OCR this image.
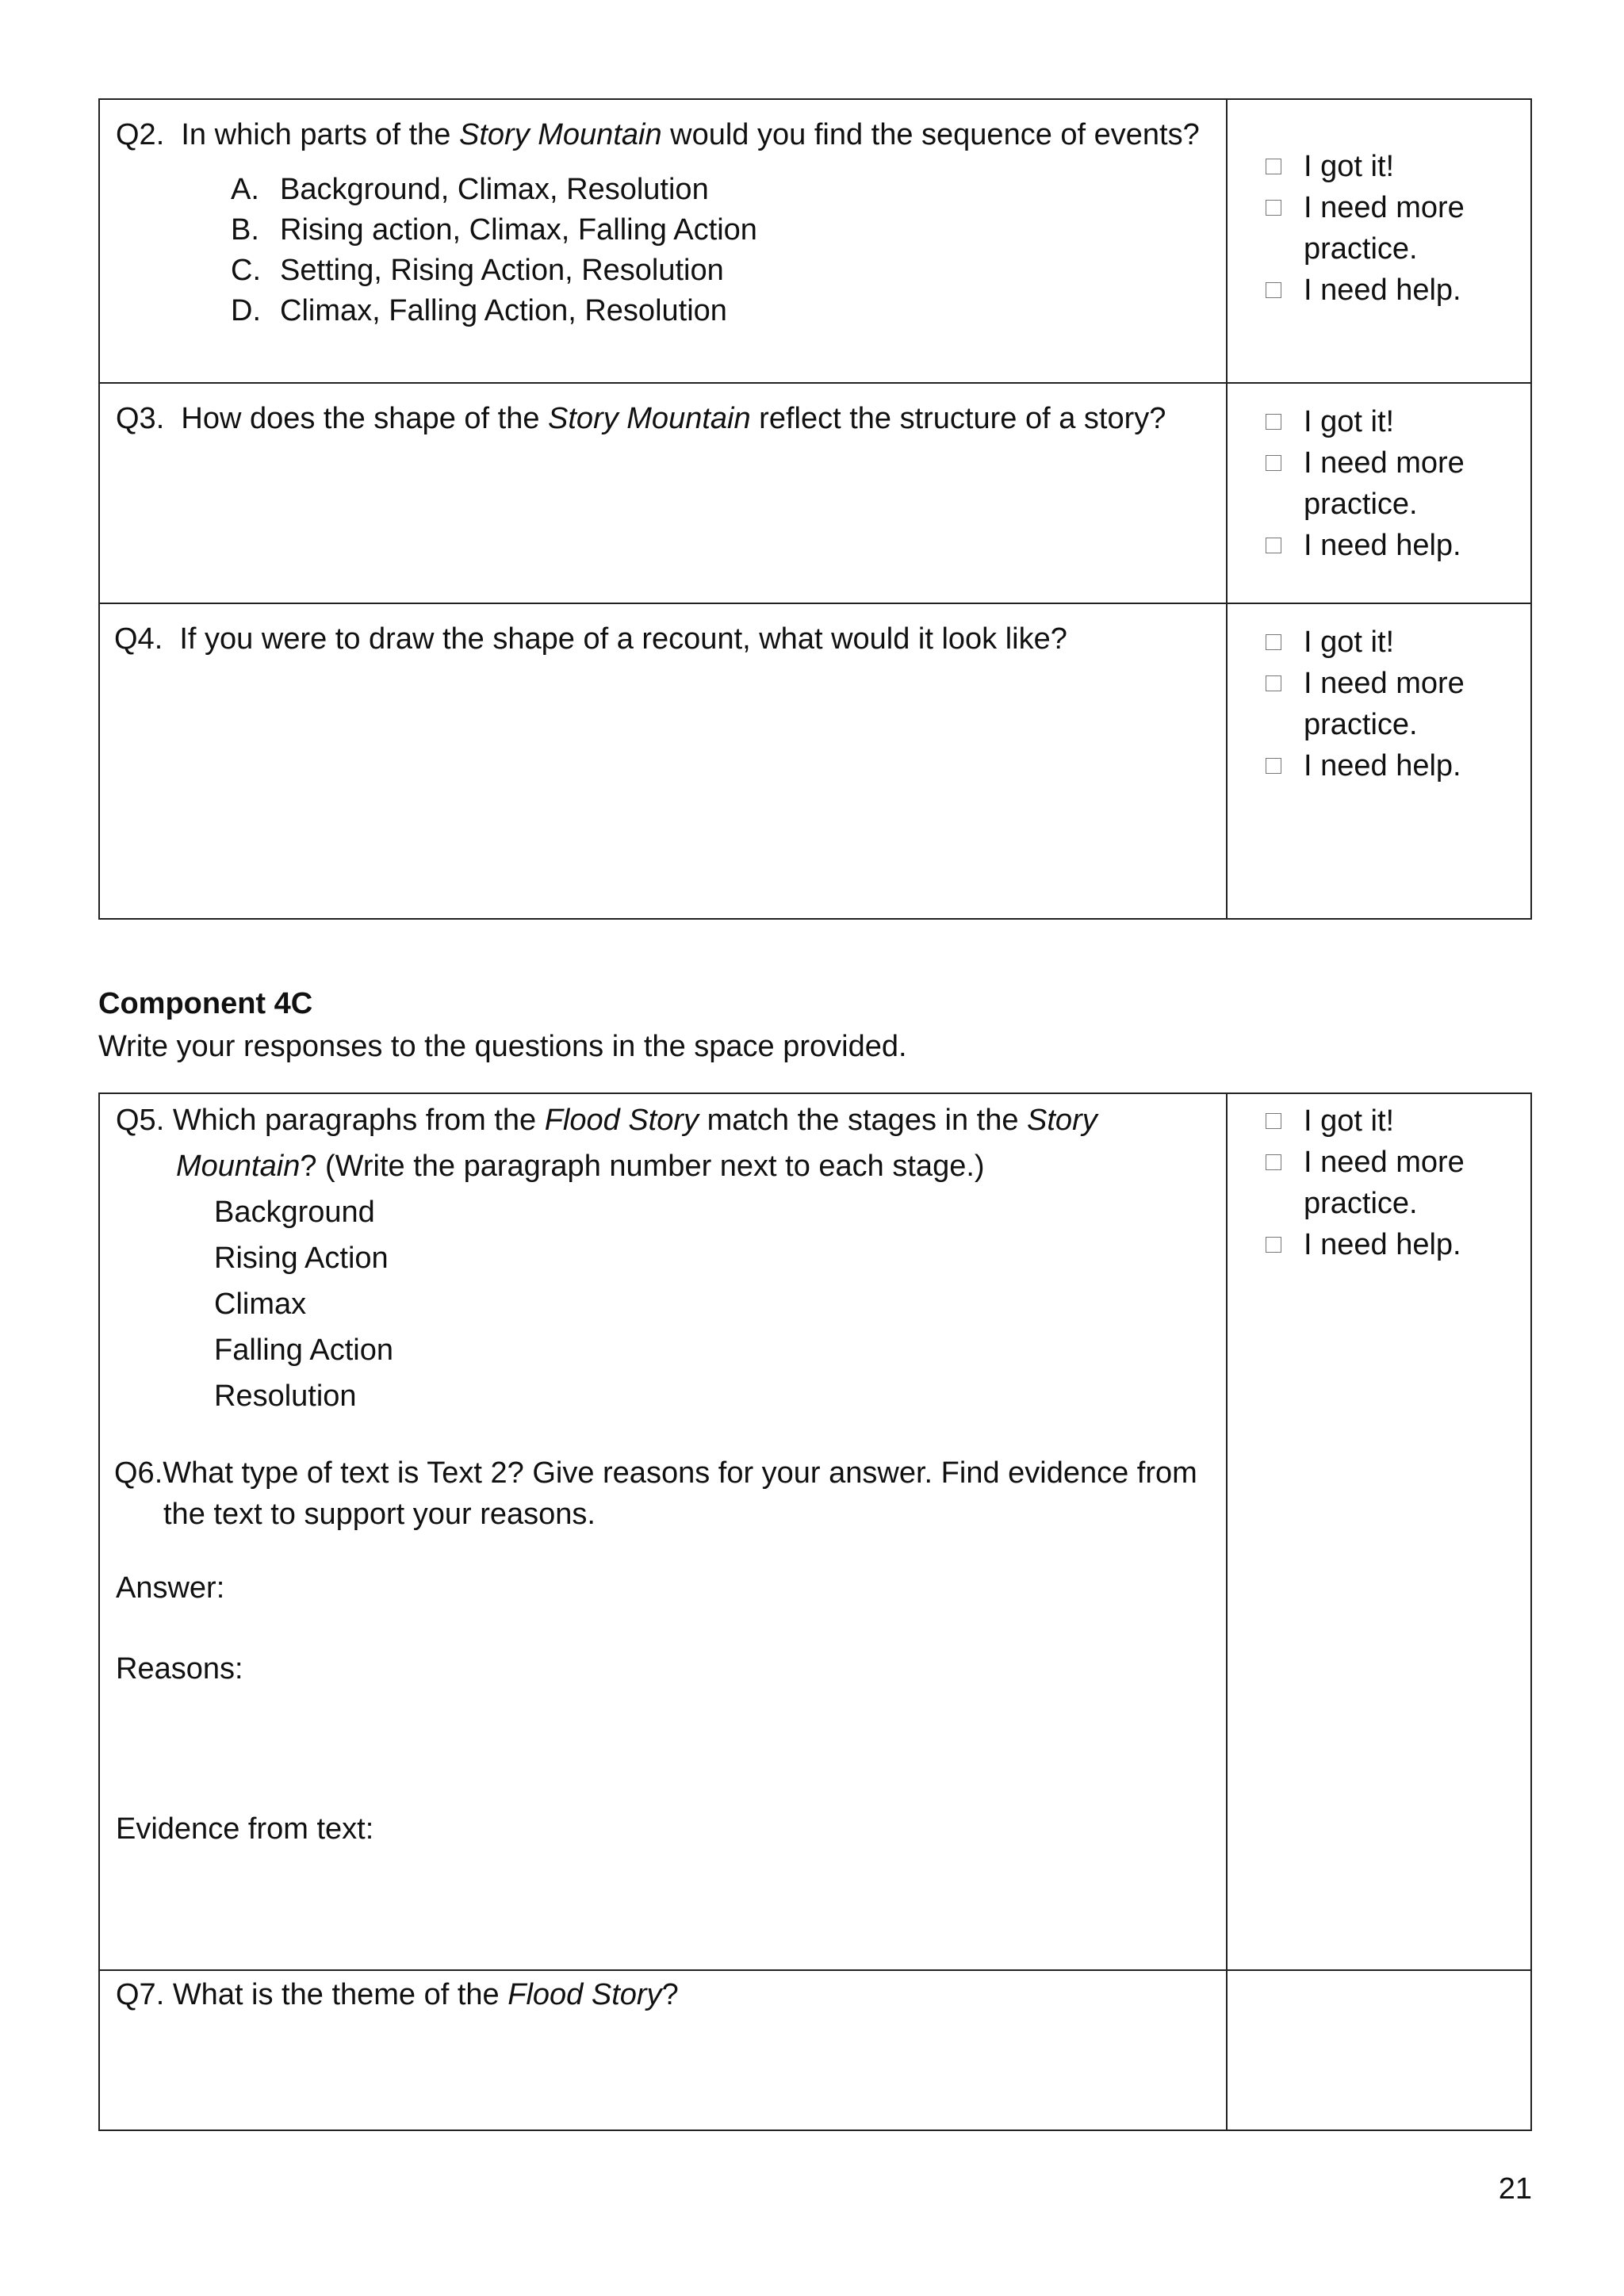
Q2. In which parts of the Story Mountain would you find the sequence of events?

A. Background, Climax, Resolution
B. Rising action, Climax, Falling Action
C. Setting, Rising Action, Resolution
D. Climax, Falling Action, Resolution
I got it!
I need more
practice.
I need help.

Q3. How does the shape of the Story Mountain reflect the structure of a story?	I got it!
I need more
practice.
I need help.

Q4. If you were to draw the shape of a recount, what would it look like?	I got it!
I need more
practice.
I need help.

Component 4C

Write your responses to the questions in the space provided.

Q5. Which paragraphs from the Flood Story match the stages in the Story Mountain? (Write the paragraph number next to each stage.)

Background
Rising Action
Climax
Falling Action
Resolution

Q6.What type of text is Text 2? Give reasons for your answer. Find evidence from the text to support your reasons.

Answer:

Reasons:

Evidence from text:

I got it!
I need more
practice.
I need help.

Q7. What is the theme of the Flood Story?

21
